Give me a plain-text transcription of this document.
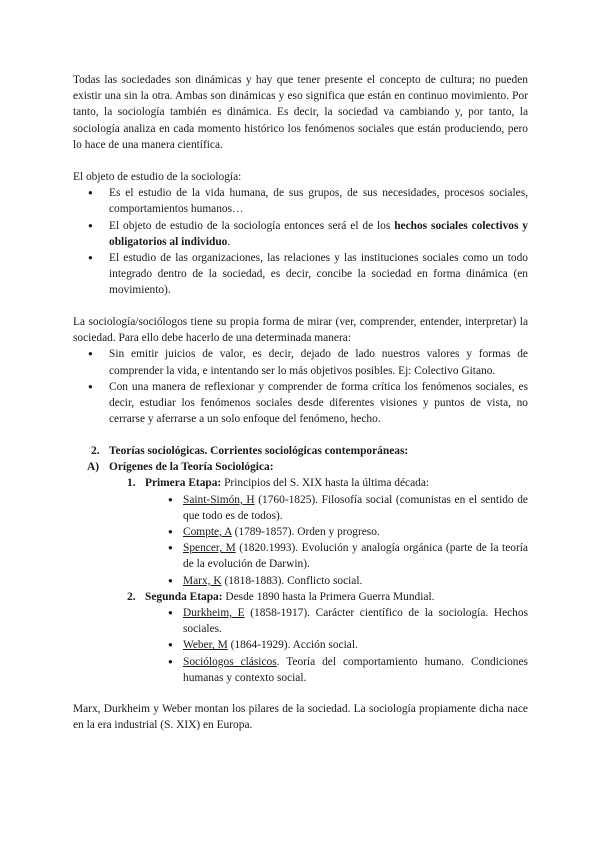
Todas las sociedades son dinámicas y hay que tener presente el concepto de cultura; no pueden existir una sin la otra. Ambas son dinámicas y eso significa que están en continuo movimiento. Por tanto, la sociología también es dinámica. Es decir, la sociedad va cambiando y, por tanto, la sociología analiza en cada momento histórico los fenómenos sociales que están produciendo, pero lo hace de una manera científica.

El objeto de estudio de la sociología:

● Es el estudio de la vida humana, de sus grupos, de sus necesidades, procesos sociales, comportamientos humanos…
● El objeto de estudio de la sociología entonces será el de los hechos sociales colectivos y obligatorios al individuo.
● El estudio de las organizaciones, las relaciones y las instituciones sociales como un todo integrado dentro de la sociedad, es decir, concibe la sociedad en forma dinámica (en movimiento).

La sociología/sociólogos tiene su propia forma de mirar (ver, comprender, entender, interpretar) la sociedad. Para ello debe hacerlo de una determinada manera:

● Sin emitir juicios de valor, es decir, dejado de lado nuestros valores y formas de comprender la vida, e intentando ser lo más objetivos posibles. Ej: Colectivo Gitano.
● Con una manera de reflexionar y comprender de forma crítica los fenómenos sociales, es decir, estudiar los fenómenos sociales desde diferentes visiones y puntos de vista, no cerrarse y aferrarse a un solo enfoque del fenómeno, hecho.
2. Teorías sociológicas. Corrientes sociológicas contemporáneas:
A) Orígenes de la Teoría Sociológica:
1. Primera Etapa: Principios del S. XIX hasta la última década:
● Saint-Simón, H (1760-1825). Filosofía social (comunistas en el sentido de que todo es de todos).
● Compte, A (1789-1857). Orden y progreso.
● Spencer, M (1820.1993). Evolución y analogía orgánica (parte de la teoría de la evolución de Darwin).
● Marx, K (1818-1883). Conflicto social.
2. Segunda Etapa: Desde 1890 hasta la Primera Guerra Mundial.
● Durkheim, E (1858-1917). Carácter científico de la sociología. Hechos sociales.
● Weber, M (1864-1929). Acción social.
● Sociólogos clásicos. Teoría del comportamiento humano. Condiciones humanas y contexto social.

Marx, Durkheim y Weber montan los pilares de la sociedad. La sociología propiamente dicha nace en la era industrial (S. XIX) en Europa.
